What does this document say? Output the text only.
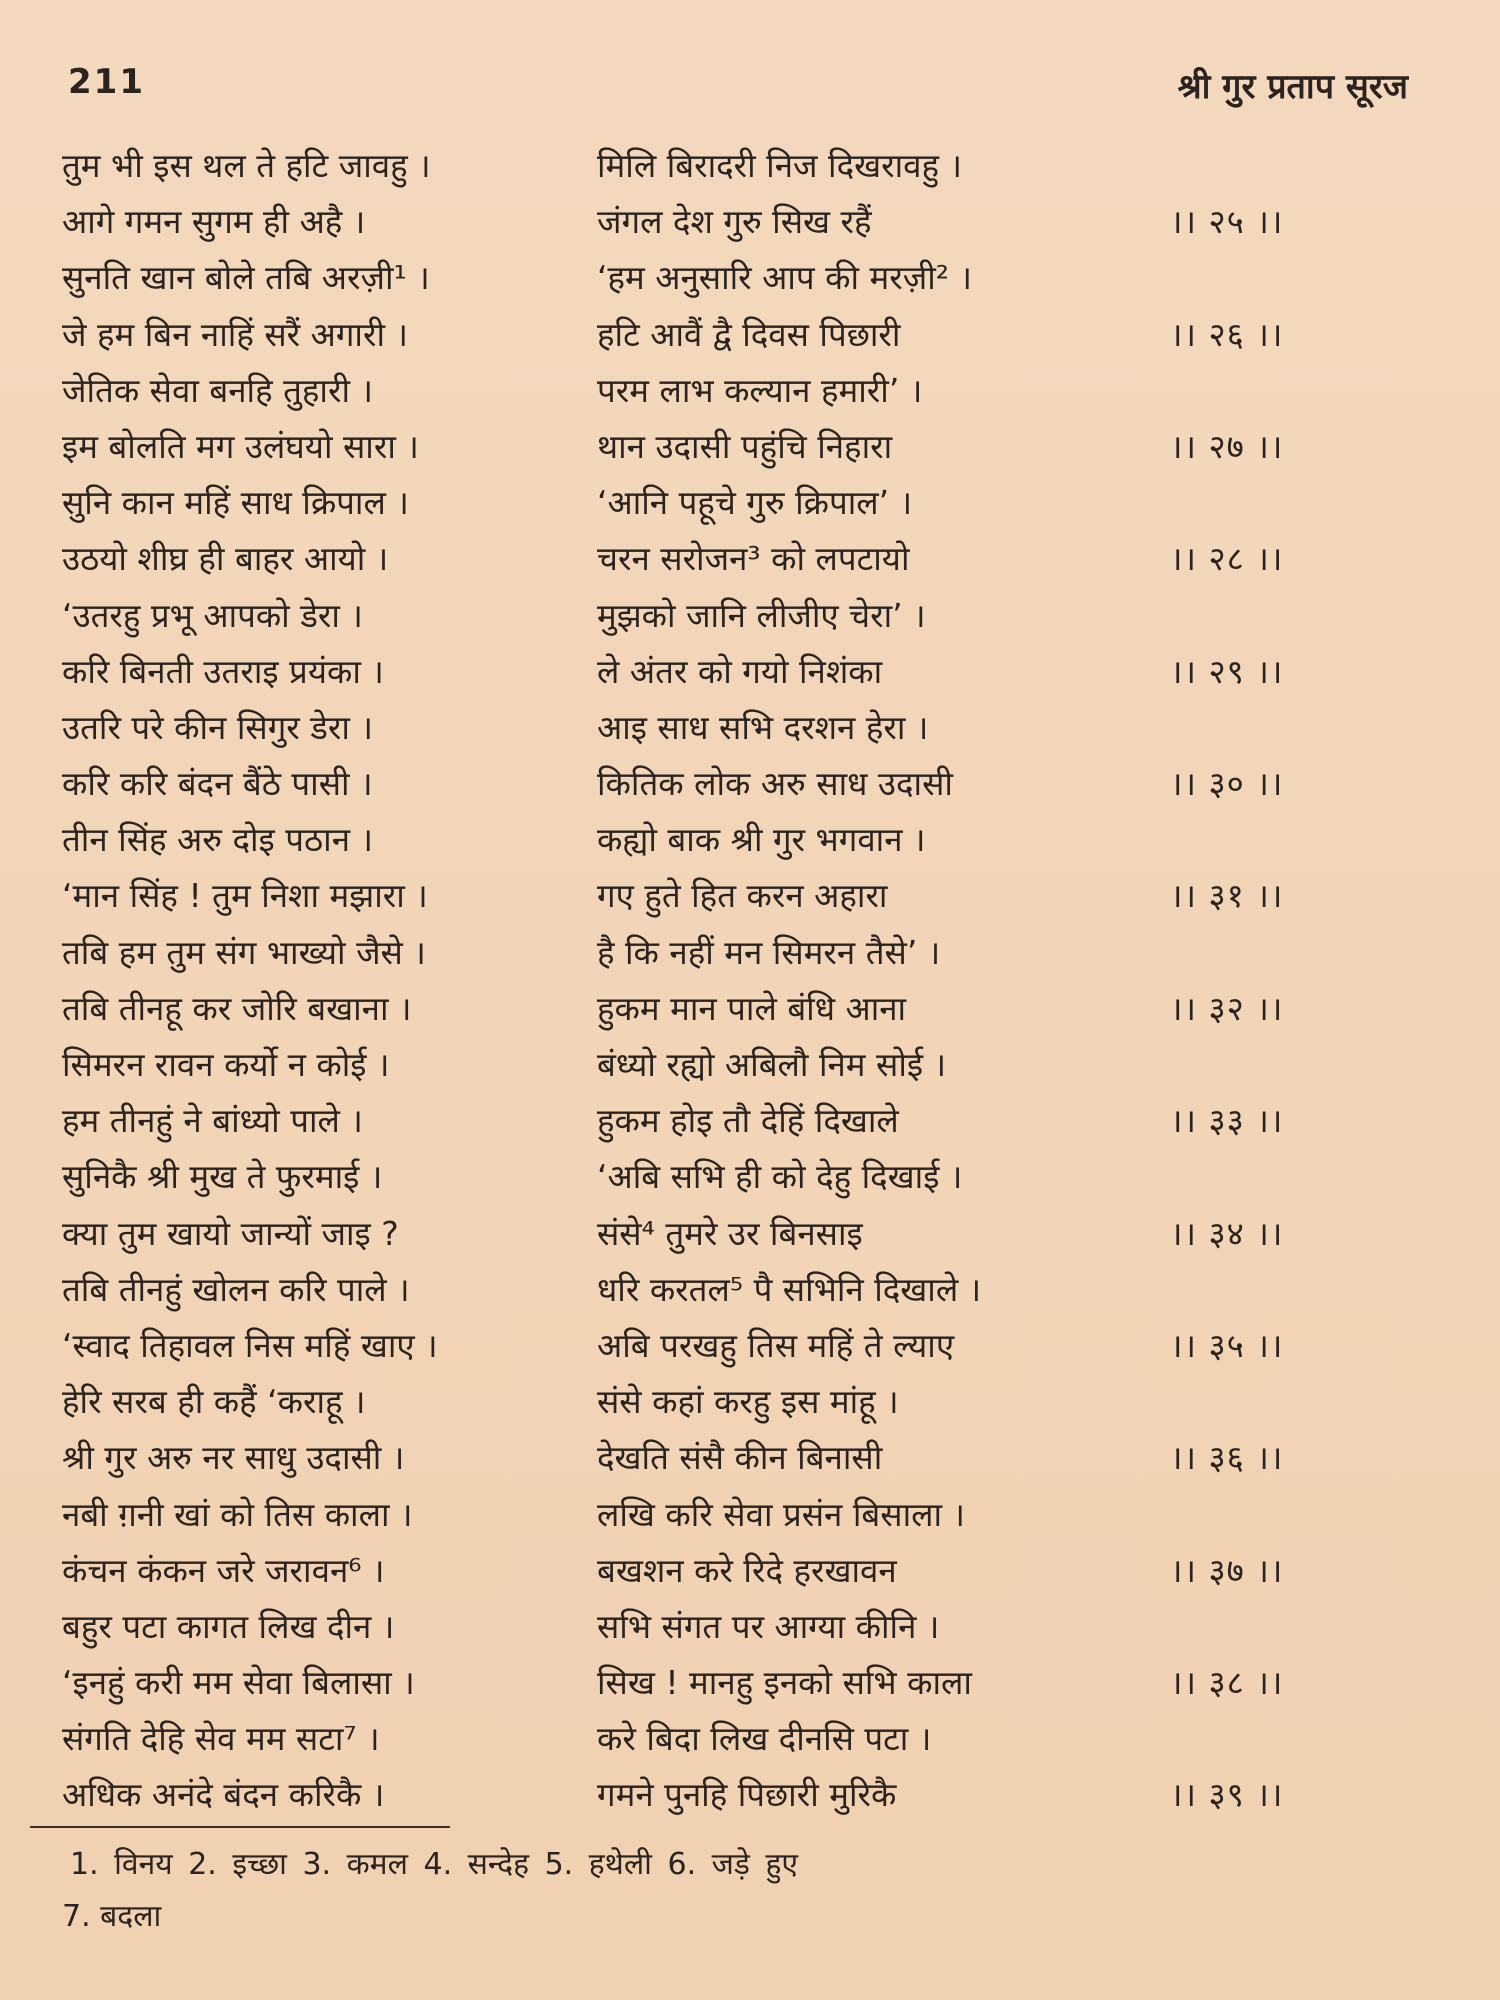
211	श्री गुर प्रताप सूरज
तुम भी इस थल ते हटि जावहु ।	मिलि बिरादरी निज दिखरावहु ।
आगे गमन सुगम ही अहै ।	जंगल देश गुरु सिख रहैं	।। २५ ।।
सुनति खान बोले तबि अरज़ी¹ ।	‘हम अनुसारि आप की मरज़ी² ।
जे हम बिन नाहिं सरैं अगारी ।	हटि आवैं द्वै दिवस पिछारी	।। २६ ।।
जेतिक सेवा बनहि तुहारी ।	परम लाभ कल्यान हमारी’ ।
इम बोलति मग उलंघयो सारा ।	थान उदासी पहुंचि निहारा	।। २७ ।।
सुनि कान महिं साध क्रिपाल ।	‘आनि पहूचे गुरु क्रिपाल’ ।
उठयो शीघ्र ही बाहर आयो ।	चरन सरोजन³ को लपटायो	।। २८ ।।
‘उतरहु प्रभू आपको डेरा ।	मुझको जानि लीजीए चेरा’ ।
करि बिनती उतराइ प्रयंका ।	ले अंतर को गयो निशंका	।। २९ ।।
उतरि परे कीन सिगुर डेरा ।	आइ साध सभि दरशन हेरा ।
करि करि बंदन बैंठे पासी ।	कितिक लोक अरु साध उदासी	।। ३० ।।
तीन सिंह अरु दोइ पठान ।	कह्यो बाक श्री गुर भगवान ।
‘मान सिंह ! तुम निशा मझारा ।	गए हुते हित करन अहारा	।। ३१ ।।
तबि हम तुम संग भाख्यो जैसे ।	है कि नहीं मन सिमरन तैसे’ ।
तबि तीनहू कर जोरि बखाना ।	हुकम मान पाले बंधि आना	।। ३२ ।।
सिमरन रावन कर्यो न कोई ।	बंध्यो रह्यो अबिलौ निम सोई ।
हम तीनहुं ने बांध्यो पाले ।	हुकम होइ तौ देहिं दिखाले	।। ३३ ।।
सुनिकै श्री मुख ते फुरमाई ।	‘अबि सभि ही को देहु दिखाई ।
क्या तुम खायो जान्यों जाइ ?	संसे⁴ तुमरे उर बिनसाइ	।। ३४ ।।
तबि तीनहुं खोलन करि पाले ।	धरि करतल⁵ पै सभिनि दिखाले ।
‘स्वाद तिहावल निस महिं खाए ।	अबि परखहु तिस महिं ते ल्याए	।। ३५ ।।
हेरि सरब ही कहैं ‘कराहू ।	संसे कहां करहु इस मांहू ।
श्री गुर अरु नर साधु उदासी ।	देखति संसै कीन बिनासी	।। ३६ ।।
नबी ग़नी खां को तिस काला ।	लखि करि सेवा प्रसंन बिसाला ।
कंचन कंकन जरे जरावन⁶ ।	बखशन करे रिदे हरखावन	।। ३७ ।।
बहुर पटा कागत लिख दीन ।	सभि संगत पर आग्या कीनि ।
‘इनहुं करी मम सेवा बिलासा ।	सिख ! मानहु इनको सभि काला	।। ३८ ।।
संगति देहि सेव मम सटा⁷ ।	करे बिदा लिख दीनसि पटा ।
अधिक अनंदे बंदन करिकै ।	गमने पुनहि पिछारी मुरिकै	।। ३९ ।।
1. विनय 2. इच्छा 3. कमल 4. सन्देह 5. हथेली 6. जड़े हुए
7. बदला
